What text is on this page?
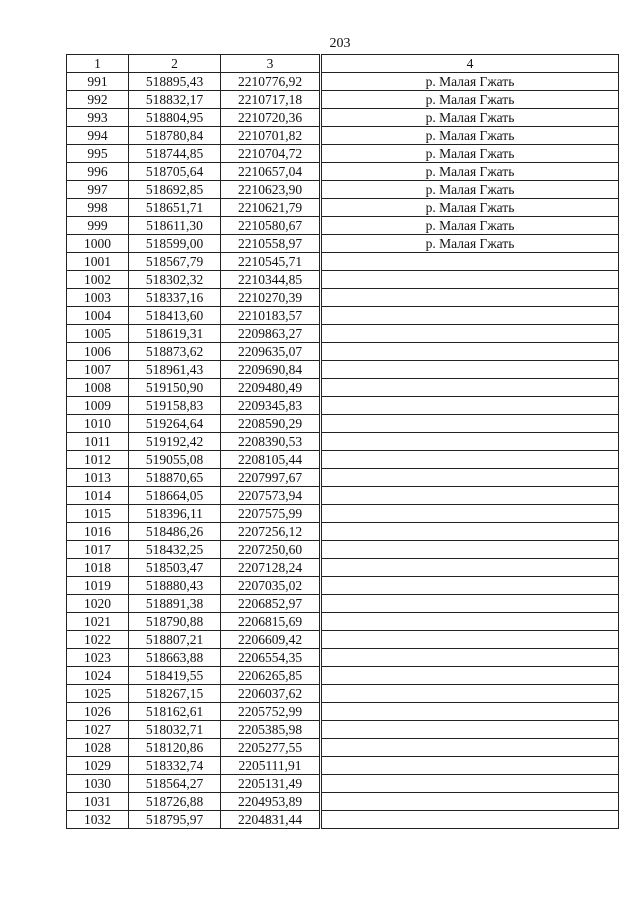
203
1	2	3	4
991	518895,43	2210776,92	р. Малая Гжать
992	518832,17	2210717,18	р. Малая Гжать
993	518804,95	2210720,36	р. Малая Гжать
994	518780,84	2210701,82	р. Малая Гжать
995	518744,85	2210704,72	р. Малая Гжать
996	518705,64	2210657,04	р. Малая Гжать
997	518692,85	2210623,90	р. Малая Гжать
998	518651,71	2210621,79	р. Малая Гжать
999	518611,30	2210580,67	р. Малая Гжать
1000	518599,00	2210558,97	р. Малая Гжать
1001	518567,79	2210545,71	
1002	518302,32	2210344,85	
1003	518337,16	2210270,39	
1004	518413,60	2210183,57	
1005	518619,31	2209863,27	
1006	518873,62	2209635,07	
1007	518961,43	2209690,84	
1008	519150,90	2209480,49	
1009	519158,83	2209345,83	
1010	519264,64	2208590,29	
1011	519192,42	2208390,53	
1012	519055,08	2208105,44	
1013	518870,65	2207997,67	
1014	518664,05	2207573,94	
1015	518396,11	2207575,99	
1016	518486,26	2207256,12	
1017	518432,25	2207250,60	
1018	518503,47	2207128,24	
1019	518880,43	2207035,02	
1020	518891,38	2206852,97	
1021	518790,88	2206815,69	
1022	518807,21	2206609,42	
1023	518663,88	2206554,35	
1024	518419,55	2206265,85	
1025	518267,15	2206037,62	
1026	518162,61	2205752,99	
1027	518032,71	2205385,98	
1028	518120,86	2205277,55	
1029	518332,74	2205111,91	
1030	518564,27	2205131,49	
1031	518726,88	2204953,89	
1032	518795,97	2204831,44	
